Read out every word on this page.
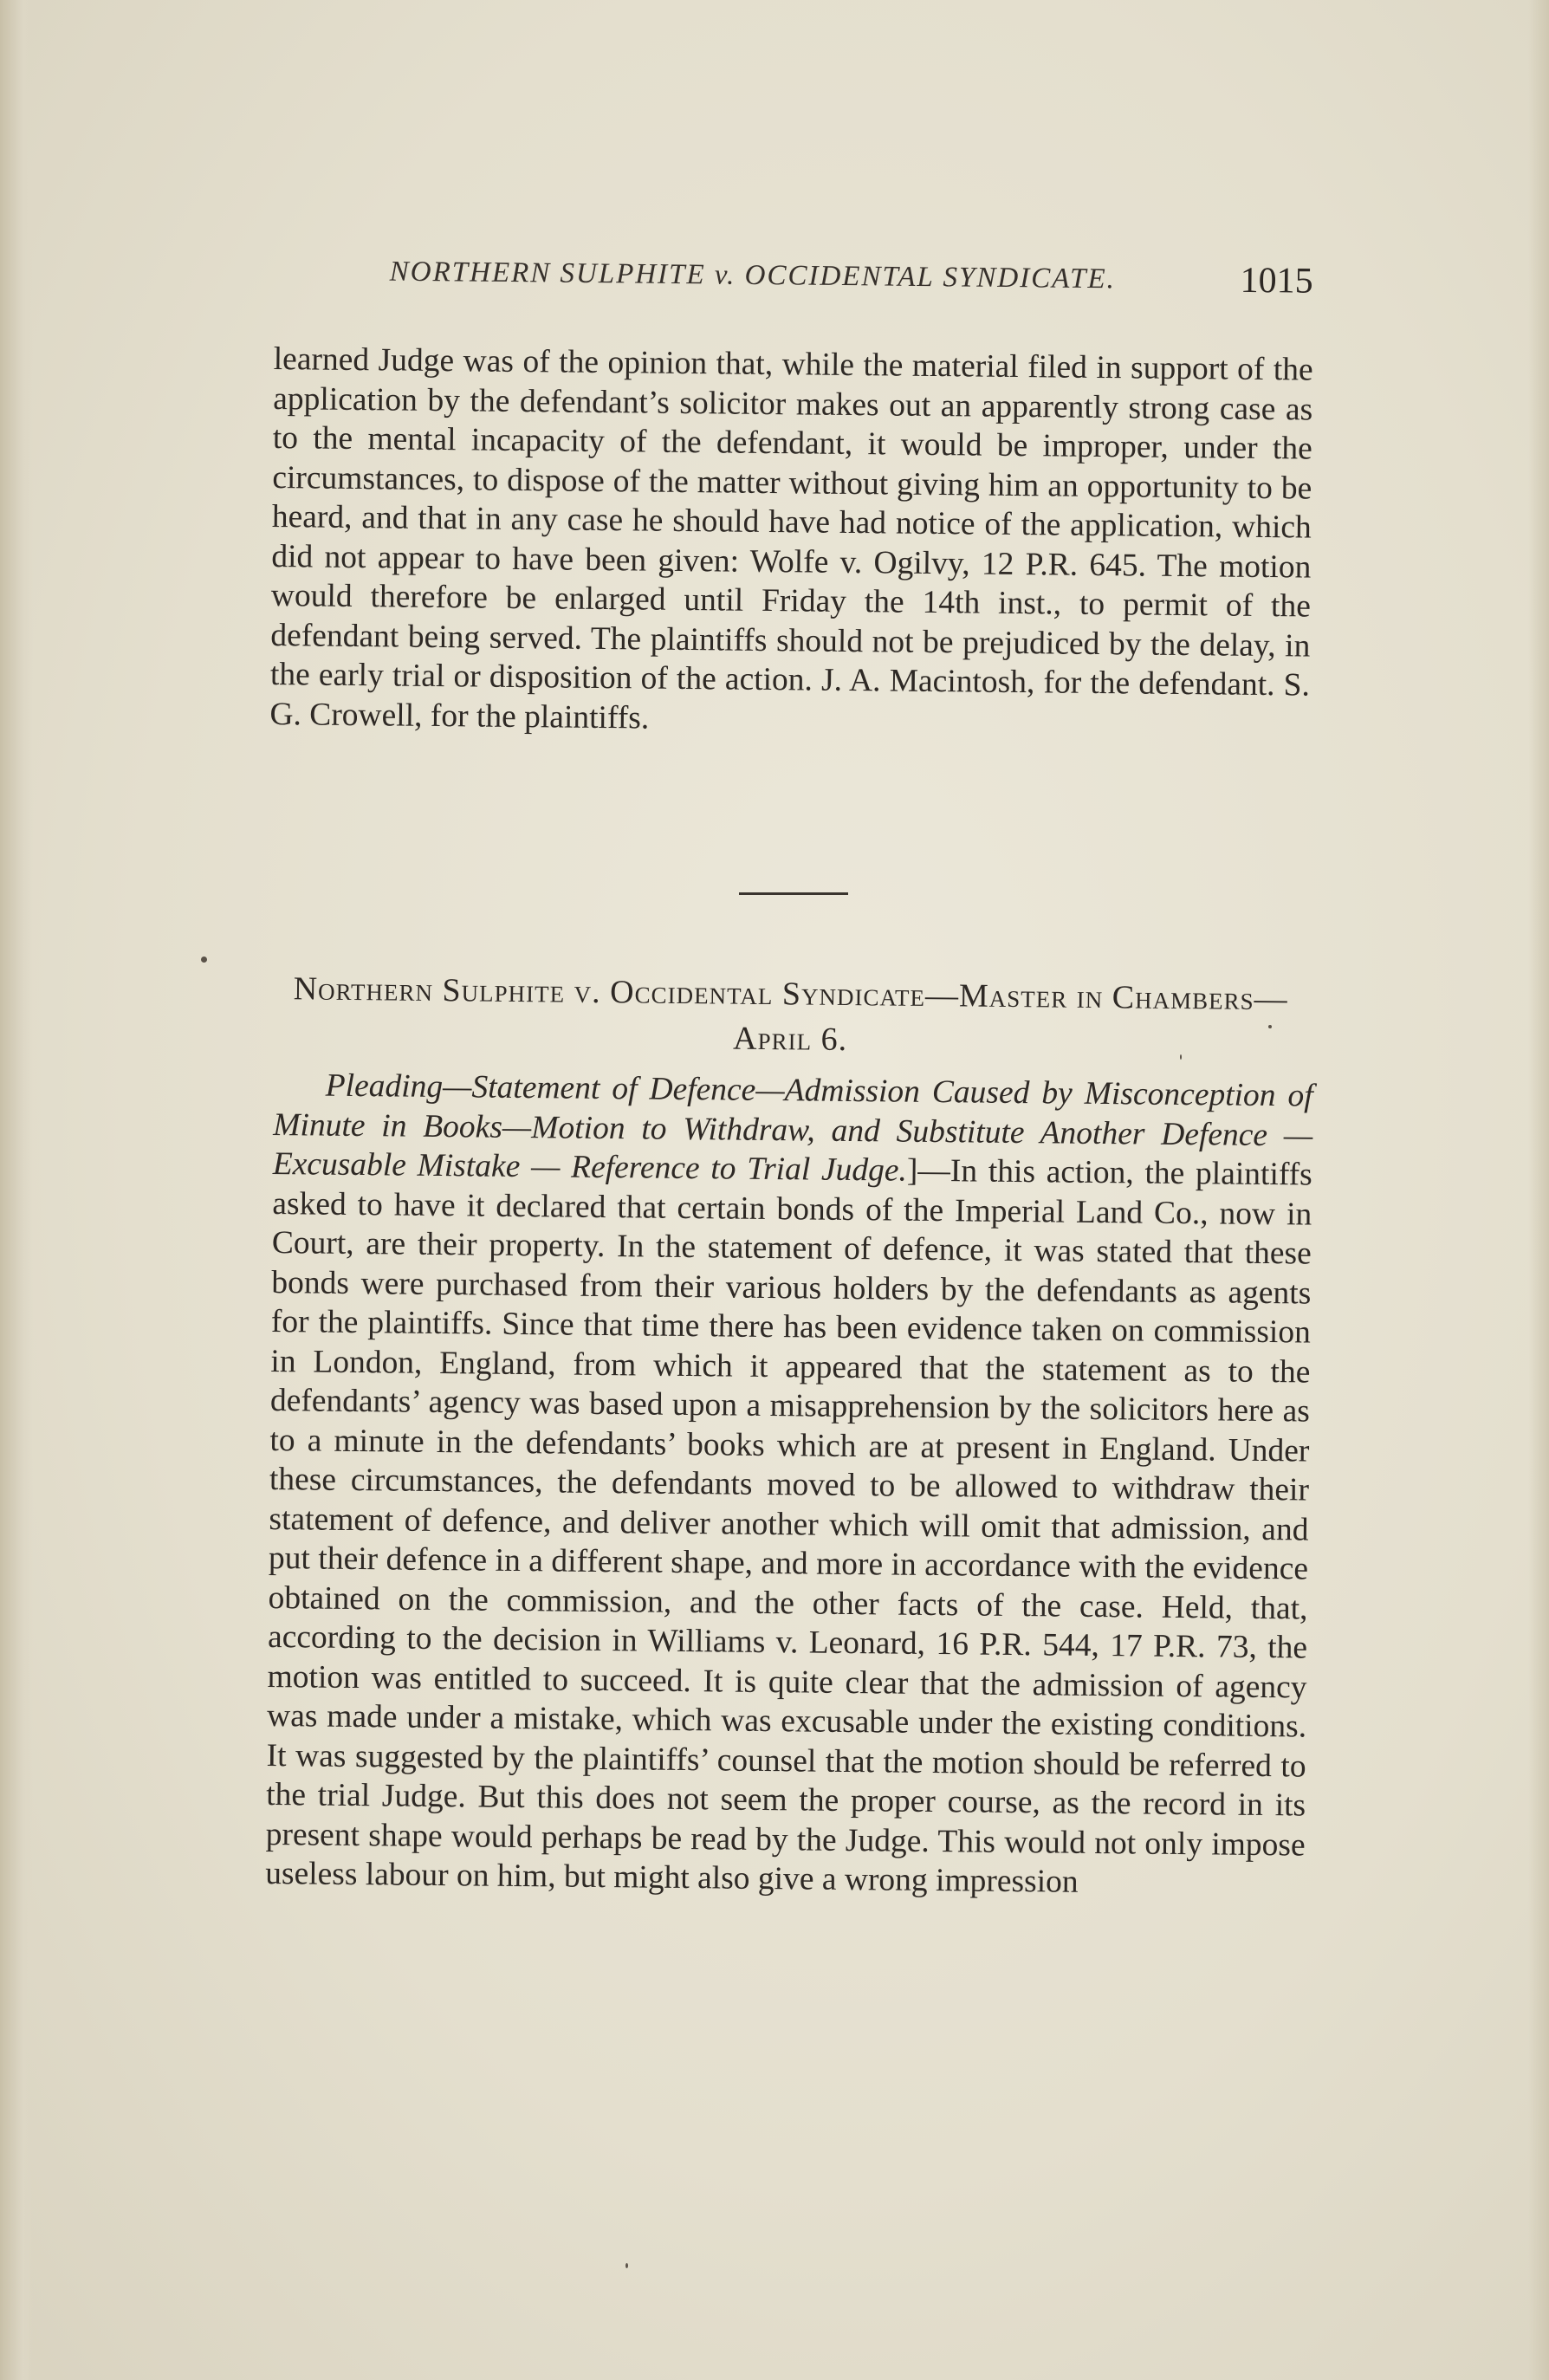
NORTHERN SULPHITE v. OCCIDENTAL SYNDICATE.	1015

learned Judge was of the opinion that, while the material filed in support of the application by the defendant’s solicitor makes out an apparently strong case as to the mental incapacity of the defendant, it would be improper, under the circumstances, to dispose of the matter without giving him an opportunity to be heard, and that in any case he should have had notice of the application, which did not appear to have been given: Wolfe v. Ogilvy, 12 P.R. 645. The motion would therefore be enlarged until Friday the 14th inst., to permit of the defendant being served. The plaintiffs should not be prejudiced by the delay, in the early trial or disposition of the action. J. A. Macintosh, for the defendant. S. G. Crowell, for the plaintiffs.

Northern Sulphite v. Occidental Syndicate—Master in Chambers—April 6.

Pleading—Statement of Defence—Admission Caused by Misconception of Minute in Books—Motion to Withdraw, and Substitute Another Defence — Excusable Mistake — Reference to Trial Judge.]—In this action, the plaintiffs asked to have it declared that certain bonds of the Imperial Land Co., now in Court, are their property. In the statement of defence, it was stated that these bonds were purchased from their various holders by the defendants as agents for the plaintiffs. Since that time there has been evidence taken on commission in London, England, from which it appeared that the statement as to the defendants’ agency was based upon a misapprehension by the solicitors here as to a minute in the defendants’ books which are at present in England. Under these circumstances, the defendants moved to be allowed to withdraw their statement of defence, and deliver another which will omit that admission, and put their defence in a different shape, and more in accordance with the evidence obtained on the commission, and the other facts of the case. Held, that, according to the decision in Williams v. Leonard, 16 P.R. 544, 17 P.R. 73, the motion was entitled to succeed. It is quite clear that the admission of agency was made under a mistake, which was excusable under the existing conditions. It was suggested by the plaintiffs’ counsel that the motion should be referred to the trial Judge. But this does not seem the proper course, as the record in its present shape would perhaps be read by the Judge. This would not only impose useless labour on him, but might also give a wrong impression
